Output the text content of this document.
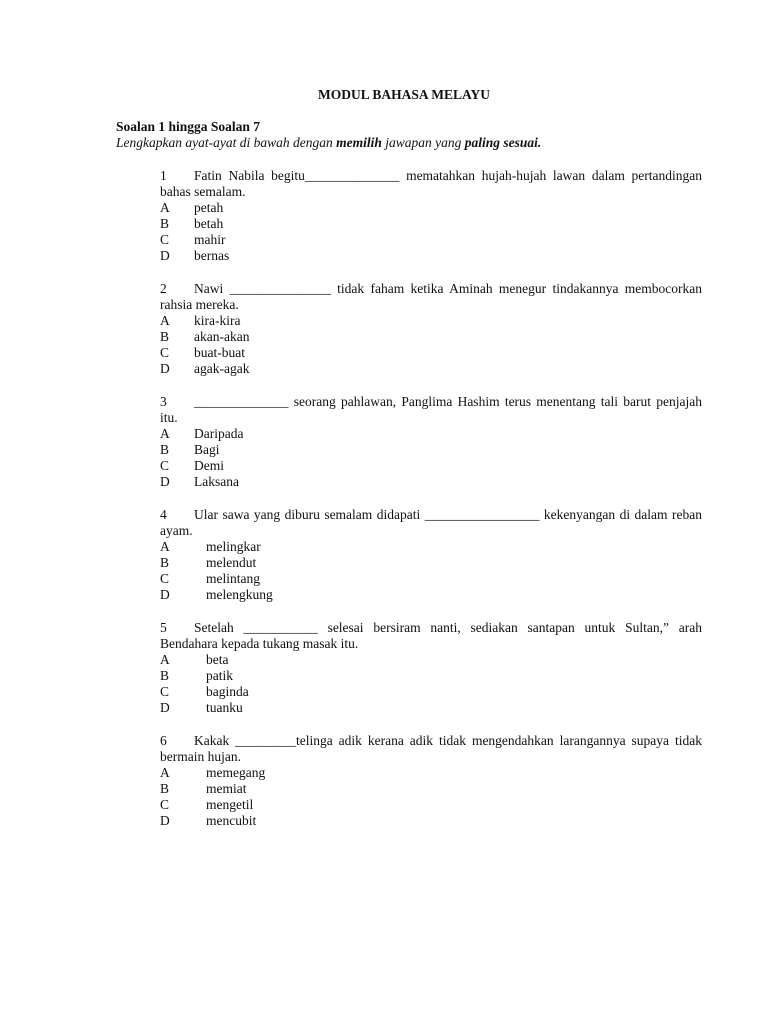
MODUL BAHASA MELAYU
Soalan 1 hingga Soalan 7
Lengkapkan ayat-ayat di bawah dengan memilih jawapan yang paling sesuai.

1 Fatin Nabila begitu______________ mematahkan hujah-hujah lawan dalam pertandingan bahas semalam.

A	petah
B	betah
C	mahir
D	bernas

2 Nawi _______________ tidak faham ketika Aminah menegur tindakannya membocorkan rahsia mereka.

A	kira-kira
B	akan-akan
C	buat-buat
D	agak-agak

3 ______________ seorang pahlawan, Panglima Hashim terus menentang tali barut penjajah itu.

A	Daripada
B	Bagi
C	Demi
D	Laksana

4 Ular sawa yang diburu semalam didapati _________________ kekenyangan di dalam reban ayam.

A	melingkar
B	melendut
C	melintang
D	melengkung

5 Setelah ___________ selesai bersiram nanti, sediakan santapan untuk Sultan,” arah Bendahara kepada tukang masak itu.

A	beta
B	patik
C	baginda
D	tuanku

6 Kakak _________telinga adik kerana adik tidak mengendahkan larangannya supaya tidak bermain hujan.

A	memegang
B	memiat
C	mengetil
D	mencubit
